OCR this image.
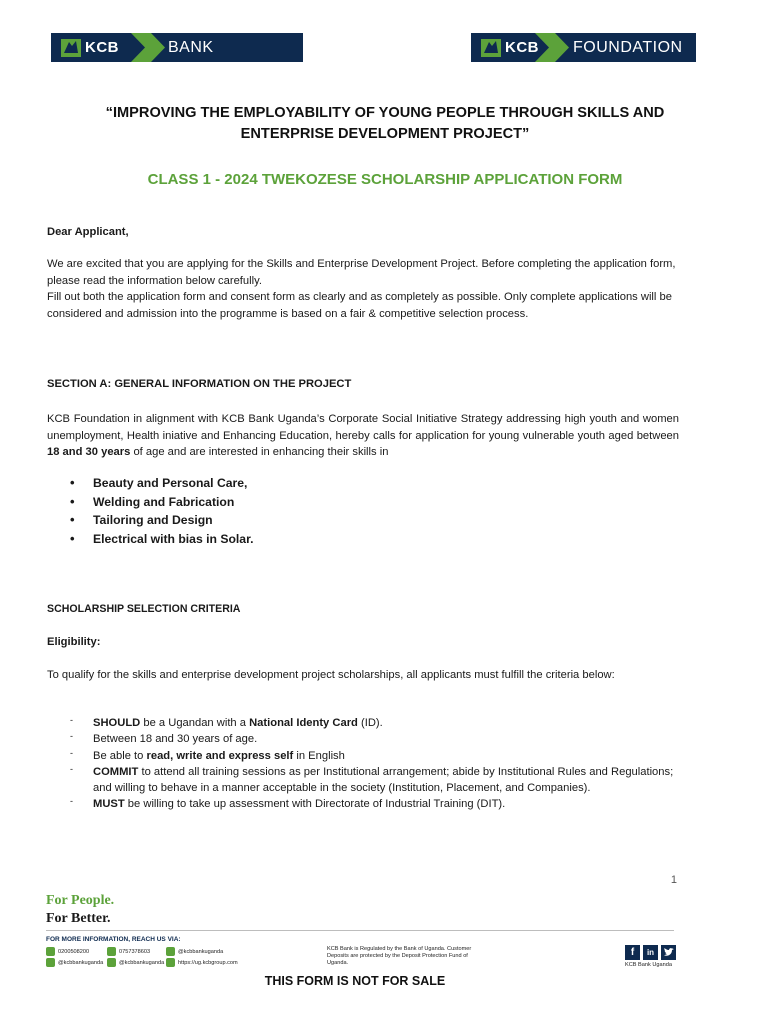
KCB	BANK	KCB FOUNDATION
“IMPROVING THE EMPLOYABILITY OF YOUNG PEOPLE THROUGH SKILLS AND
ENTERPRISE DEVELOPMENT PROJECT”
CLASS 1 - 2024 TWEKOZESE SCHOLARSHIP APPLICATION FORM
Dear Applicant,
We are excited that you are applying for the Skills and Enterprise Development Project. Before completing the application form, please read the information below carefully.
Fill out both the application form and consent form as clearly and as completely as possible. Only complete applications will be considered and admission into the programme is based on a fair & competitive selection process.
SECTION A: GENERAL INFORMATION ON THE PROJECT
KCB Foundation in alignment with KCB Bank Uganda’s Corporate Social Initiative Strategy addressing high youth and women unemployment, Health iniative and Enhancing Education, hereby calls for application for young vulnerable youth aged between 18 and 30 years of age and are interested in enhancing their skills in
• Beauty and Personal Care,
• Welding and Fabrication
• Tailoring and Design
• Electrical with bias in Solar.
SCHOLARSHIP SELECTION CRITERIA
Eligibility:
To qualify for the skills and enterprise development project scholarships, all applicants must fulfill the criteria below:
- SHOULD be a Ugandan with a National Identy Card (ID).
- Between 18 and 30 years of age.
- Be able to read, write and express self in English
- COMMIT to attend all training sessions as per Institutional arrangement; abide by Institutional Rules and Regulations; and willing to behave in a manner acceptable in the society (Institution, Placement, and Companies).
- MUST be willing to take up assessment with Directorate of Industrial Training (DIT).
1
For People.
For Better.
FOR MORE INFORMATION, REACH US VIA:
0200508200	0757378603	@kcbbankuganda
@kcbbankuganda	@kcbbankuganda https://ug.kcbgroup.com
KCB Bank is Regulated by the Bank of Uganda. Customer Deposits are protected by the Deposit Protection Fund of Uganda.
f	in
KCB Bank Uganda
THIS FORM IS NOT FOR SALE
